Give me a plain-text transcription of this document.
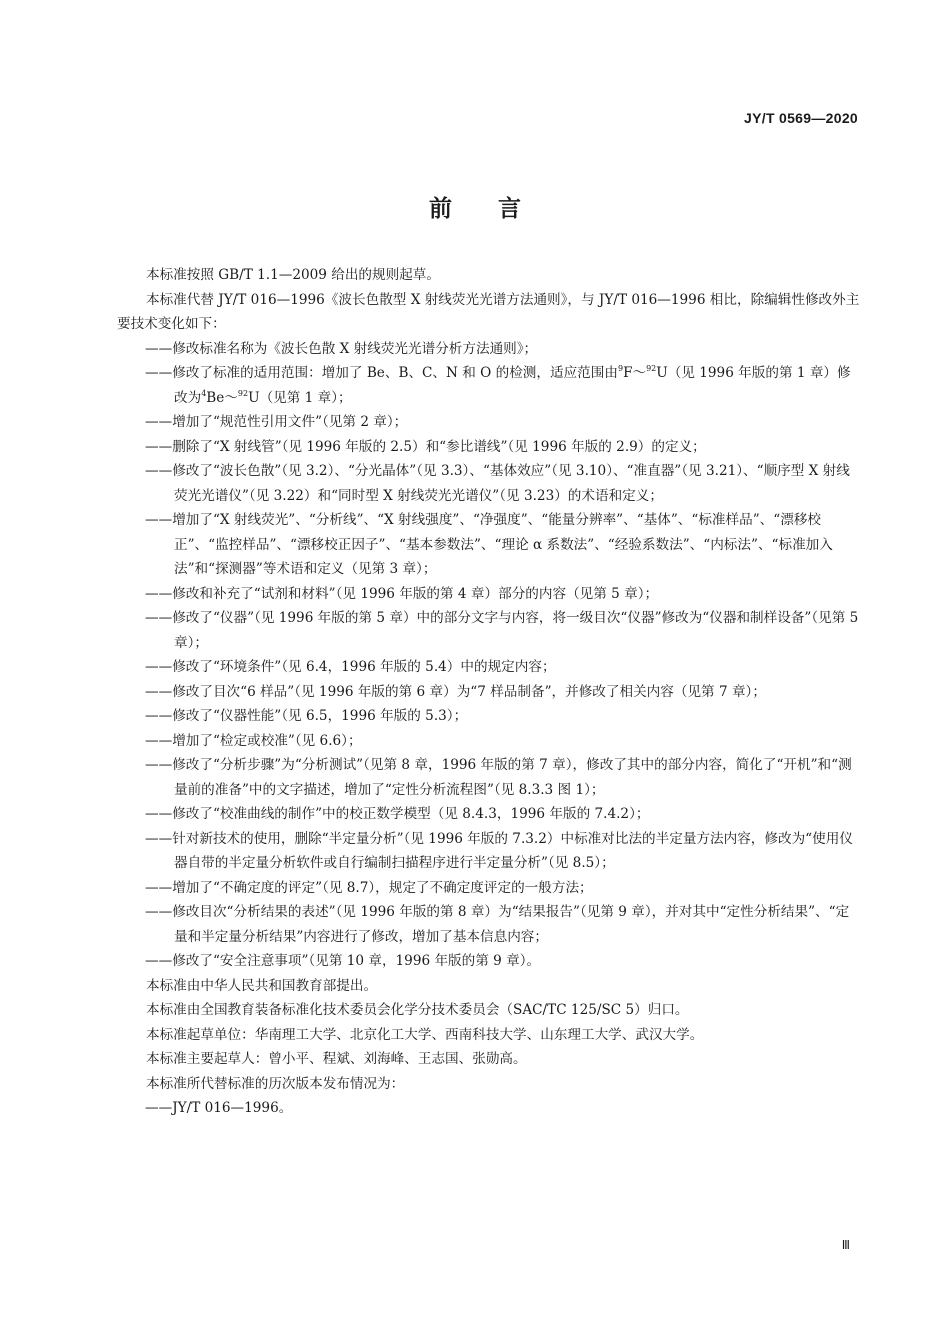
JY/T 0569—2020
前 言

本标准按照 GB/T 1.1—2009 给出的规则起草。

本标准代替 JY/T 016—1996《波长色散型 X 射线荧光光谱方法通则》，与 JY/T 016—1996 相比，除编辑性修改外主要技术变化如下：

——修改标准名称为《波长色散 X 射线荧光光谱分析方法通则》；

——修改了标准的适用范围：增加了 Be、B、C、N 和 O 的检测，适应范围由$^9$F～$^{92}$U（见 1996 年版的第 1 章）修改为$^4$Be～$^{92}$U（见第 1 章）；

——增加了“规范性引用文件”（见第 2 章）；

——删除了“X 射线管”（见 1996 年版的 2.5）和“参比谱线”（见 1996 年版的 2.9）的定义；

——修改了“波长色散”（见 3.2）、“分光晶体”（见 3.3）、“基体效应”（见 3.10）、“准直器”（见 3.21）、“顺序型 X 射线荧光光谱仪”（见 3.22）和“同时型 X 射线荧光光谱仪”（见 3.23）的术语和定义；

——增加了“X 射线荧光”、“分析线”、“X 射线强度”、“净强度”、“能量分辨率”、“基体”、“标准样品”、“漂移校正”、“监控样品”、“漂移校正因子”、“基本参数法”、“理论 α 系数法”、“经验系数法”、“内标法”、“标准加入法”和“探测器”等术语和定义（见第 3 章）；

——修改和补充了“试剂和材料”（见 1996 年版的第 4 章）部分的内容（见第 5 章）；

——修改了“仪器”（见 1996 年版的第 5 章）中的部分文字与内容，将一级目次“仪器”修改为“仪器和制样设备”（见第 5 章）；

——修改了“环境条件”（见 6.4，1996 年版的 5.4）中的规定内容；

——修改了目次“6 样品”（见 1996 年版的第 6 章）为“7 样品制备”，并修改了相关内容（见第 7 章）；

——修改了“仪器性能”（见 6.5，1996 年版的 5.3）；

——增加了“检定或校准”（见 6.6）；

——修改了“分析步骤”为“分析测试”（见第 8 章，1996 年版的第 7 章），修改了其中的部分内容，简化了“开机”和“测量前的准备”中的文字描述，增加了“定性分析流程图”（见 8.3.3 图 1）；

——修改了“校准曲线的制作”中的校正数学模型（见 8.4.3，1996 年版的 7.4.2）；

——针对新技术的使用，删除“半定量分析”（见 1996 年版的 7.3.2）中标准对比法的半定量方法内容，修改为“使用仪器自带的半定量分析软件或自行编制扫描程序进行半定量分析”（见 8.5）；

——增加了“不确定度的评定”（见 8.7），规定了不确定度评定的一般方法；

——修改目次“分析结果的表述”（见 1996 年版的第 8 章）为“结果报告”（见第 9 章），并对其中“定性分析结果”、“定量和半定量分析结果”内容进行了修改，增加了基本信息内容；

——修改了“安全注意事项”（见第 10 章，1996 年版的第 9 章）。

本标准由中华人民共和国教育部提出。

本标准由全国教育装备标准化技术委员会化学分技术委员会（SAC/TC 125/SC 5）归口。

本标准起草单位：华南理工大学、北京化工大学、西南科技大学、山东理工大学、武汉大学。

本标准主要起草人：曾小平、程斌、刘海峰、王志国、张勋高。

本标准所代替标准的历次版本发布情况为：

——JY/T 016—1996。

Ⅲ
